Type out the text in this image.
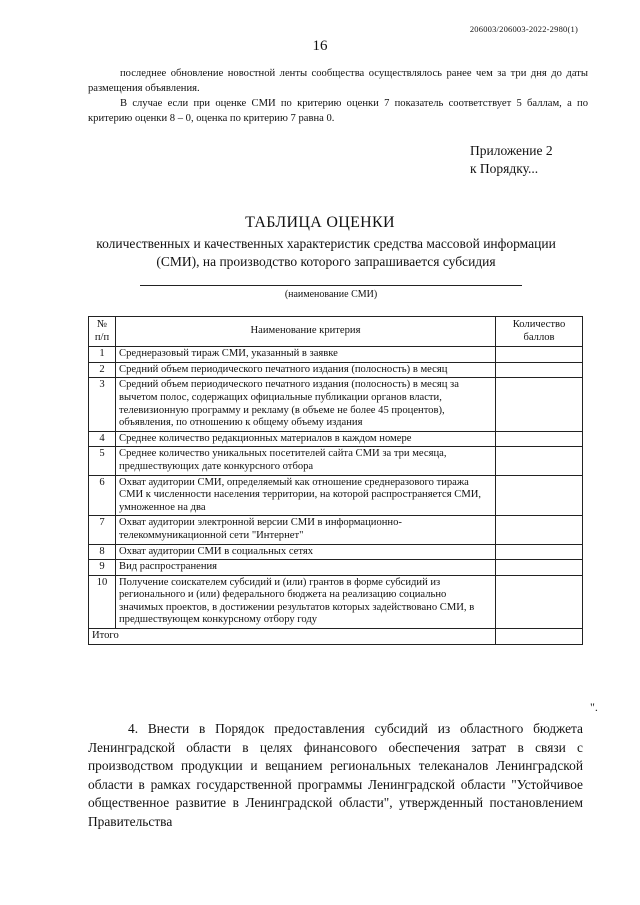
206003/206003-2022-2980(1)
16

последнее обновление новостной ленты сообщества осуществлялось ранее чем за три дня до даты размещения объявления.

В случае если при оценке СМИ по критерию оценки 7 показатель соответствует 5 баллам, а по критерию оценки 8 – 0, оценка по критерию 7 равна 0.

Приложение 2
к Порядку...
ТАБЛИЦА ОЦЕНКИ
количественных и качественных характеристик средства массовой информации (СМИ), на производство которого запрашивается субсидия
(наименование СМИ)
№ п/п	Наименование критерия	Количество баллов
1	Среднеразовый тираж СМИ, указанный в заявке	
2	Средний объем периодического печатного издания (полосность) в месяц	
3	Средний объем периодического печатного издания (полосность) в месяц за вычетом полос, содержащих официальные публикации органов власти, телевизионную программу и рекламу (в объеме не более 45 процентов), объявления, по отношению к общему объему издания	
4	Среднее количество редакционных материалов в каждом номере	
5	Среднее количество уникальных посетителей сайта СМИ за три месяца, предшествующих дате конкурсного отбора	
6	Охват аудитории СМИ, определяемый как отношение среднеразового тиража СМИ к численности населения территории, на которой распространяется СМИ, умноженное на два	
7	Охват аудитории электронной версии СМИ в информационно-телекоммуникационной сети "Интернет"	
8	Охват аудитории СМИ в социальных сетях	
9	Вид распространения	
10	Получение соискателем субсидий и (или) грантов в форме субсидий из регионального и (или) федерального бюджета на реализацию социально значимых проектов, в достижении результатов которых задействовано СМИ, в предшествующем конкурсному отбору году	
Итого		
".

4. Внести в Порядок предоставления субсидий из областного бюджета Ленинградской области в целях финансового обеспечения затрат в связи с производством продукции и вещанием региональных телеканалов Ленинградской области в рамках государственной программы Ленинградской области "Устойчивое общественное развитие в Ленинградской области", утвержденный постановлением Правительства
